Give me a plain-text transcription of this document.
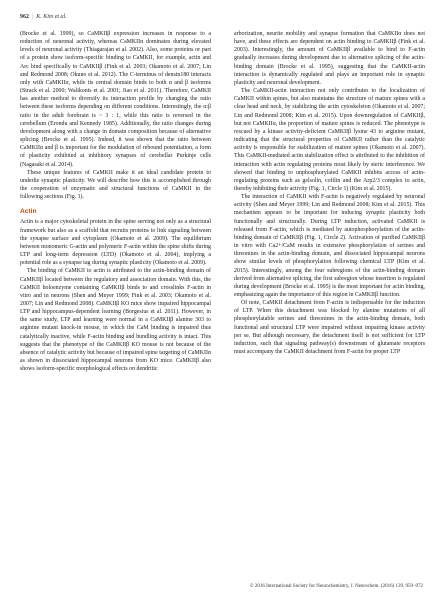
962 | K. Kim et al.

(Brocke et al. 1999), so CaMKIIβ expression increases in response to a reduction of neuronal activity, whereas CaMKIIα dominates during elevated levels of neuronal activity (Thiagarajan et al. 2002). Also, some proteins or part of a protein show isoform-specific binding to CaMKII, for example, actin and Arc bind specifically to CaMKIIβ (Fink et al. 2003; Okamoto et al. 2007; Lin and Redmond 2008; Okuno et al. 2012). The C-terminus of densin180 interacts only with CaMKIIα, while its central domain binds to both α and β isoforms (Strack et al. 2000; Walikonis et al. 2001; Jiao et al. 2011). Therefore, CaMKII has another method to diversify its interaction profile by changing the ratio between these isoforms depending on different conditions. Interestingly, the α:β ratio in the adult forebrain is ~ 3 : 1, while this ratio is reversed in the cerebellum (Erondu and Kennedy 1985). Additionally, the ratio changes during development along with a change in domain composition because of alternative splicing (Brocke et al. 1995). Indeed, it was shown that the ratio between CaMKIIα and β is important for the modulation of rebound potentiation, a form of plasticity exhibited at inhibitory synapses of cerebellar Purkinje cells (Nagasaki et al. 2014).

These unique features of CaMKII make it an ideal candidate protein to underlie synaptic plasticity. We will describe how this is accomplished through the cooperation of enzymatic and structural functions of CaMKII in the following sections (Fig. 1).

Actin

Actin is a major cytoskeletal protein in the spine serving not only as a structural framework but also as a scaffold that recruits proteins to link signaling between the synapse surface and cytoplasm (Okamoto et al. 2009). The equilibrium between monomeric G-actin and polymeric F-actin within the spine shifts during LTP and long-term depression (LTD) (Okamoto et al. 2004), implying a potential role as a synapse tag during synaptic plasticity (Okamoto et al. 2009).

The binding of CaMKII to actin is attributed to the actin-binding domain of CaMKIIβ located between the regulatory and association domain. With this, the CaMKII holoenzyme containing CaMKIIβ binds to and crosslinks F-actin in vitro and in neurons (Shen and Meyer 1999; Fink et al. 2003; Okamoto et al. 2007; Lin and Redmond 2008). CaMKIIβ KO mice show impaired hippocampal LTP and hippocampus-dependent learning (Borgesius et al. 2011). However, in the same study, LTP and learning were normal in a CaMKIIβ alanine 303 to arginine mutant knock-in mouse, in which the CaM binding is impaired thus catalytically inactive, while F-actin binding and bundling activity is intact. This suggests that the phenotype of the CaMKIIβ KO mouse is not because of the absence of catalytic activity but because of impaired spine targeting of CaMKIIα as shown in dissociated hippocampal neurons from KO mice. CaMKIIβ also shows isoform-specific morphological effects on dendritic

arborization, neurite mobility and synapse formation that CaMKIIα does not have, and these effects are dependent on actin binding to CaMKIIβ (Fink et al. 2003). Interestingly, the amount of CaMKIIβ available to bind to F-actin gradually increases during development due to alternative splicing of the actin-binding domain (Brocke et al. 1995), suggesting that the CaMKII-actin interaction is dynamically regulated and plays an important role in synaptic plasticity and neuronal development.

The CaMKII-actin interaction not only contributes to the localization of CaMKII within spines, but also maintains the structure of mature spines with a clear head and neck, by stabilizing the actin cytoskeleton (Okamoto et al. 2007; Lin and Redmond 2008; Kim et al. 2015). Upon downregulation of CaMKIIβ, but not CaMKIIα, the proportion of mature spines is reduced. The phenotype is rescued by a kinase activity-deficient CaMKIIβ lysine 43 to arginine mutant, indicating that the structural properties of CaMKII rather than the catalytic activity is responsible for stabilization of mature spines (Okamoto et al. 2007). This CaMKII-mediated actin stabilization effect is attributed to the inhibition of interaction with actin regulating proteins most likely by steric interference. We showed that binding to unphosphorylated CaMKII inhibits access of actin-regulating proteins such as gelsolin, cofilin and the Arp2/3 complex to actin, thereby inhibiting their activity (Fig. 1, Circle 1) (Kim et al. 2015).

The interaction of CaMKII with F-actin is negatively regulated by neuronal activity (Shen and Meyer 1999; Lin and Redmond 2008; Kim et al. 2015). This mechanism appears to be important for inducing synaptic plasticity both functionally and structurally. During LTP induction, activated CaMKII is released from F-actin, which is mediated by autophosphorylation of the actin-binding domain of CaMKIIβ (Fig. 1, Circle 2). Activation of purified CaMKIIβ in vitro with Ca2+/CaM results in extensive phosphorylation of serines and threonines in the actin-binding domain, and dissociated hippocampal neurons show similar levels of phosphorylation following chemical LTP (Kim et al. 2015). Interestingly, among the four subregions of the actin-binding domain derived from alternative splicing, the first subregion whose insertion is regulated during development (Brocke et al. 1995) is the most important for actin binding, emphasizing again the importance of this region in CaMKIIβ function.

Of note, CaMKII detachment from F-actin is indispensable for the induction of LTP. When this detachment was blocked by alanine mutations of all phosphorylatable serines and threonines in the actin-binding domain, both functional and structural LTP were impaired without impairing kinase activity per se. But although necessary, the detachment itself is not sufficient for LTP induction, such that signaling pathway(s) downstream of glutamate receptors must accompany the CaMKII detachment from F-actin for proper LTP

© 2016 International Society for Neurochemistry, J. Neurochem. (2016) 139, 959–972
